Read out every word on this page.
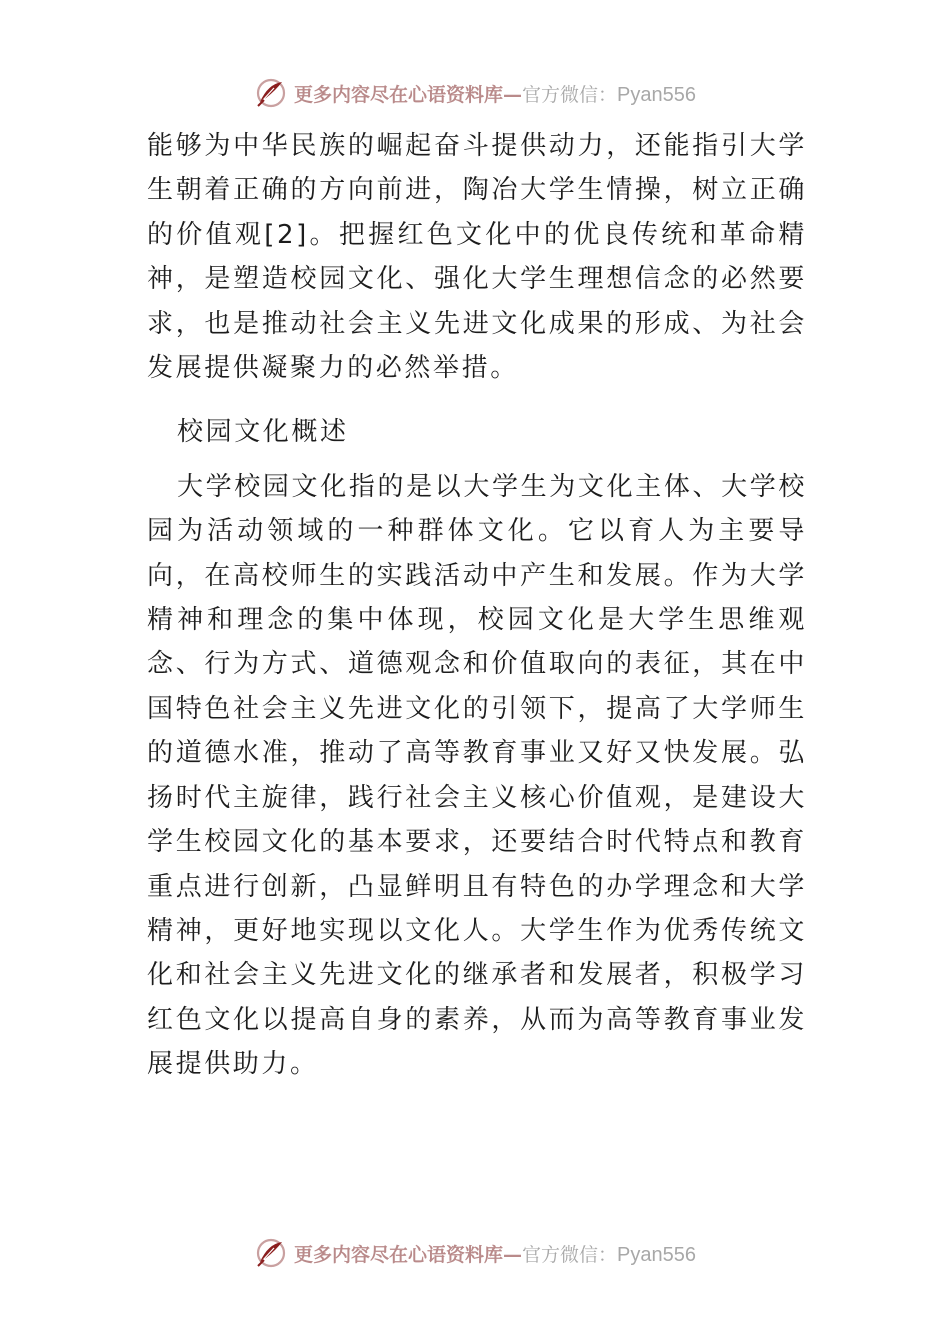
更多内容尽在心语资料库—官方微信：Pyan556

能够为中华民族的崛起奋斗提供动力，还能指引大学生朝着正确的方向前进，陶冶大学生情操，树立正确的价值观[2]。把握红色文化中的优良传统和革命精神，是塑造校园文化、强化大学生理想信念的必然要求，也是推动社会主义先进文化成果的形成、为社会发展提供凝聚力的必然举措。

校园文化概述

大学校园文化指的是以大学生为文化主体、大学校园为活动领域的一种群体文化。它以育人为主要导向，在高校师生的实践活动中产生和发展。作为大学精神和理念的集中体现，校园文化是大学生思维观念、行为方式、道德观念和价值取向的表征，其在中国特色社会主义先进文化的引领下，提高了大学师生的道德水准，推动了高等教育事业又好又快发展。弘扬时代主旋律，践行社会主义核心价值观，是建设大学生校园文化的基本要求，还要结合时代特点和教育重点进行创新，凸显鲜明且有特色的办学理念和大学精神，更好地实现以文化人。大学生作为优秀传统文化和社会主义先进文化的继承者和发展者，积极学习红色文化以提高自身的素养，从而为高等教育事业发展提供助力。

更多内容尽在心语资料库—官方微信：Pyan556
